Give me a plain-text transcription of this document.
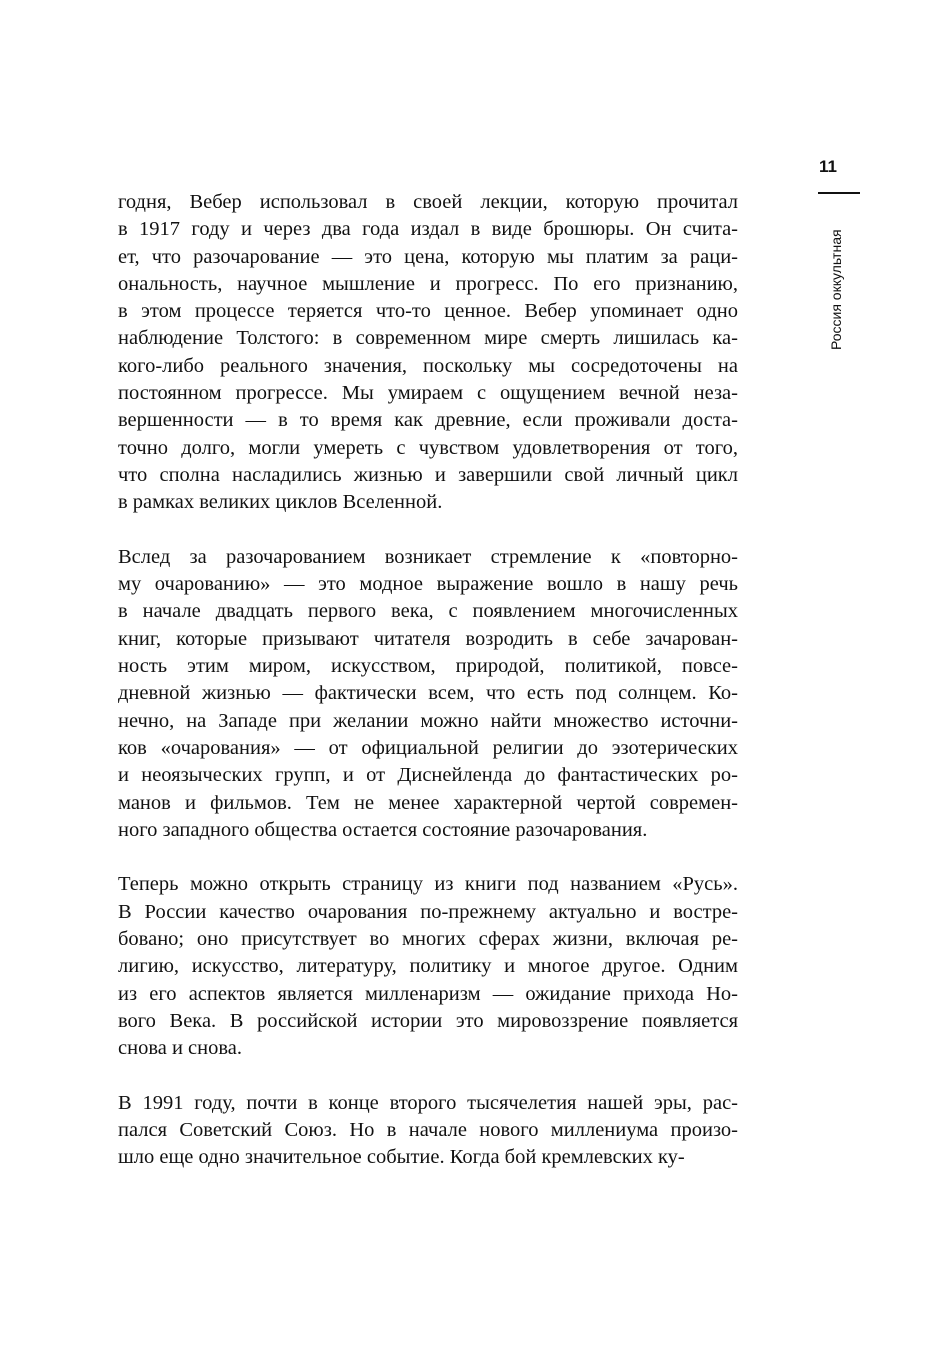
11
Россия оккультная
годня, Вебер использовал в своей лекции, которую прочитал
в 1917 году и через два года издал в виде брошюры. Он счита-
ет, что разочарование — это цена, которую мы платим за раци-
ональность, научное мышление и прогресс. По его признанию,
в этом процессе теряется что-то ценное. Вебер упоминает одно
наблюдение Толстого: в современном мире смерть лишилась ка-
кого-либо реального значения, поскольку мы сосредоточены на
постоянном прогрессе. Мы умираем с ощущением вечной неза-
вершенности — в то время как древние, если проживали доста-
точно долго, могли умереть с чувством удовлетворения от того,
что сполна насладились жизнью и завершили свой личный цикл
в рамках великих циклов Вселенной.
Вслед за разочарованием возникает стремление к «повторно-
му очарованию» — это модное выражение вошло в нашу речь
в начале двадцать первого века, с появлением многочисленных
книг, которые призывают читателя возродить в себе зачарован-
ность этим миром, искусством, природой, политикой, повсе-
дневной жизнью — фактически всем, что есть под солнцем. Ко-
нечно, на Западе при желании можно найти множество источни-
ков «очарования» — от официальной религии до эзотерических
и неоязыческих групп, и от Диснейленда до фантастических ро-
манов и фильмов. Тем не менее характерной чертой современ-
ного западного общества остается состояние разочарования.
Теперь можно открыть страницу из книги под названием «Русь».
В России качество очарования по-прежнему актуально и востре-
бовано; оно присутствует во многих сферах жизни, включая ре-
лигию, искусство, литературу, политику и многое другое. Одним
из его аспектов является милленаризм — ожидание прихода Но-
вого Века. В российской истории это мировоззрение появляется
снова и снова.
В 1991 году, почти в конце второго тысячелетия нашей эры, рас-
пался Советский Союз. Но в начале нового миллениума произо-
шло еще одно значительное событие. Когда бой кремлевских ку-
